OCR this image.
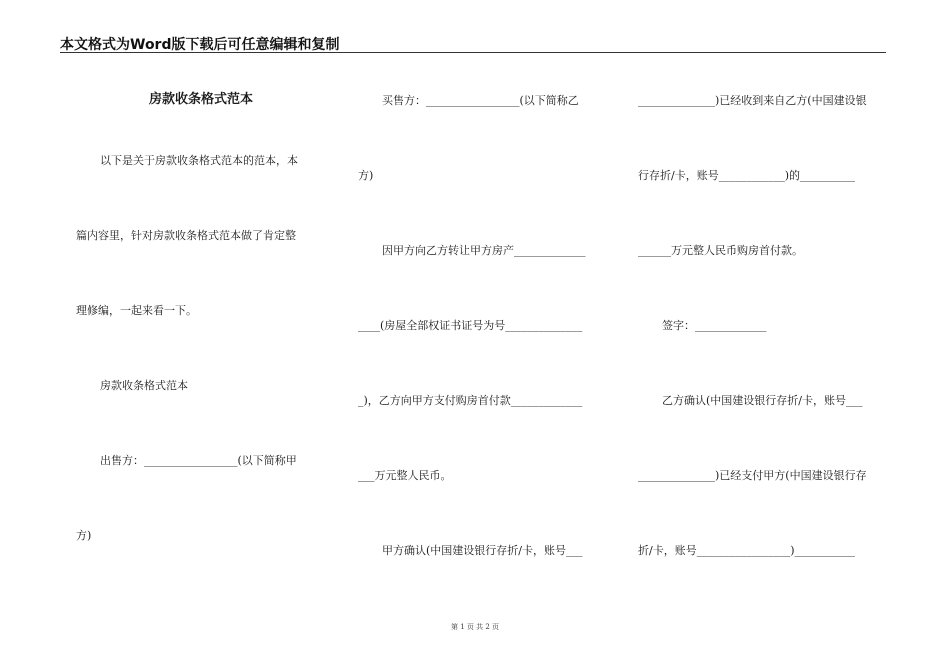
本文格式为Word版下载后可任意编辑和复制
房款收条格式范本
以下是关于房款收条格式范本的范本，本
篇内容里，针对房款收条格式范本做了肯定整
理修编，一起来看一下。
房款收条格式范本
出售方：_________________(以下简称甲
方)
买售方：_________________(以下简称乙
方)
因甲方向乙方转让甲方房产_____________
____(房屋全部权证书证号为号______________
_)，乙方向甲方支付购房首付款_____________
___万元整人民币。
甲方确认(中国建设银行存折/卡，账号___
______________)已经收到来自乙方(中国建设银
行存折/卡，账号____________)的__________
______万元整人民币购房首付款。
签字：_____________
乙方确认(中国建设银行存折/卡，账号___
______________)已经支付甲方(中国建设银行存
折/卡，账号_________________)___________
第 1 页 共 2 页
